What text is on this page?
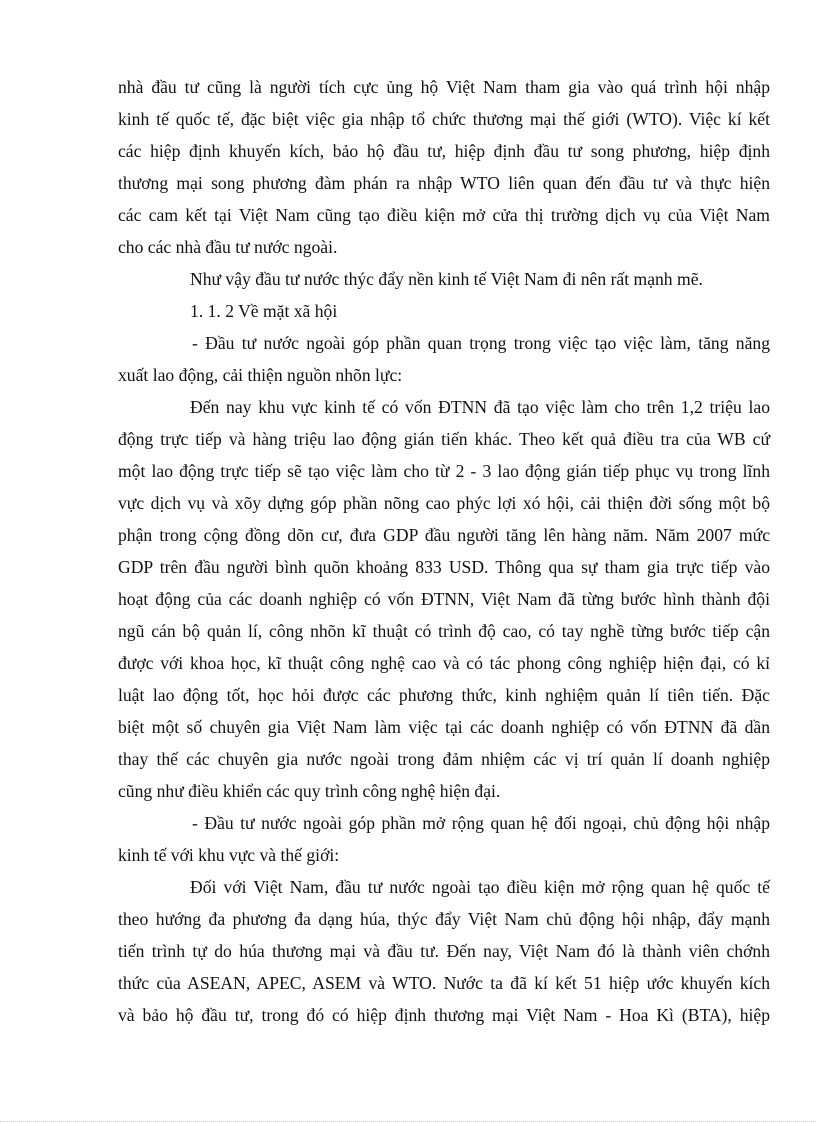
nhà đầu tư cũng là người tích cực ủng hộ Việt Nam tham gia vào quá trình hội nhập
kinh tế quốc tế, đặc biệt việc gia nhập tổ chức thương mại thế giới (WTO). Việc kí kết
các hiệp định khuyến kích, bảo hộ đầu tư, hiệp định đầu tư song phương, hiệp định
thương mại song phương đàm phán ra nhập WTO liên quan đến đầu tư và thực hiện
các cam kết tại Việt Nam cũng tạo điều kiện mở cửa thị trường dịch vụ của Việt Nam
cho các nhà đầu tư nước ngoài.
Như vậy đầu tư nước thýc đẩy nền kinh tế Việt Nam đi nên rất mạnh mẽ.
1. 1. 2 Về mặt xã hội
- Đầu tư nước ngoài góp phần quan trọng trong việc tạo việc làm, tăng năng
xuất lao động, cải thiện nguồn nhõn lực:
Đến nay khu vực kinh tế có vốn ĐTNN đã tạo việc làm cho trên 1,2 triệu lao
động trực tiếp và hàng triệu lao động gián tiến khác. Theo kết quả điều tra của WB cứ
một lao động trực tiếp sẽ tạo việc làm cho từ 2 - 3 lao động gián tiếp phục vụ trong lĩnh
vực dịch vụ và xõy dựng góp phần nõng cao phýc lợi xó hội, cải thiện đời sống một bộ
phận trong cộng đồng dõn cư, đưa GDP đầu người tăng lên hàng năm. Năm 2007 mức
GDP trên đầu người bình quõn khoảng 833 USD. Thông qua sự tham gia trực tiếp vào
hoạt động của các doanh nghiệp có vốn ĐTNN, Việt Nam đã từng bước hình thành đội
ngũ cán bộ quản lí, công nhõn kĩ thuật có trình độ cao, có tay nghề từng bước tiếp cận
được với khoa học, kĩ thuật công nghệ cao và có tác phong công nghiệp hiện đại, có kỉ
luật lao động tốt, học hỏi được các phương thức, kinh nghiệm quản lí tiên tiến. Đặc
biệt một số chuyên gia Việt Nam làm việc tại các doanh nghiệp có vốn ĐTNN đã dần
thay thế các chuyên gia nước ngoài trong đảm nhiệm các vị trí quản lí doanh nghiệp
cũng như điều khiển các quy trình công nghệ hiện đại.
- Đầu tư nước ngoài góp phần mở rộng quan hệ đối ngoại, chủ động hội nhập
kinh tế với khu vực và thế giới:
Đối với Việt Nam, đầu tư nước ngoài tạo điều kiện mở rộng quan hệ quốc tế
theo hướng đa phương đa dạng húa, thýc đẩy Việt Nam chủ động hội nhập, đẩy mạnh
tiến trình tự do húa thương mại và đầu tư. Đến nay, Việt Nam đó là thành viên chớnh
thức của ASEAN, APEC, ASEM và WTO. Nước ta đã kí kết 51 hiệp ước khuyến kích
và bảo hộ đầu tư, trong đó có hiệp định thương mại Việt Nam - Hoa Kì (BTA), hiệp
